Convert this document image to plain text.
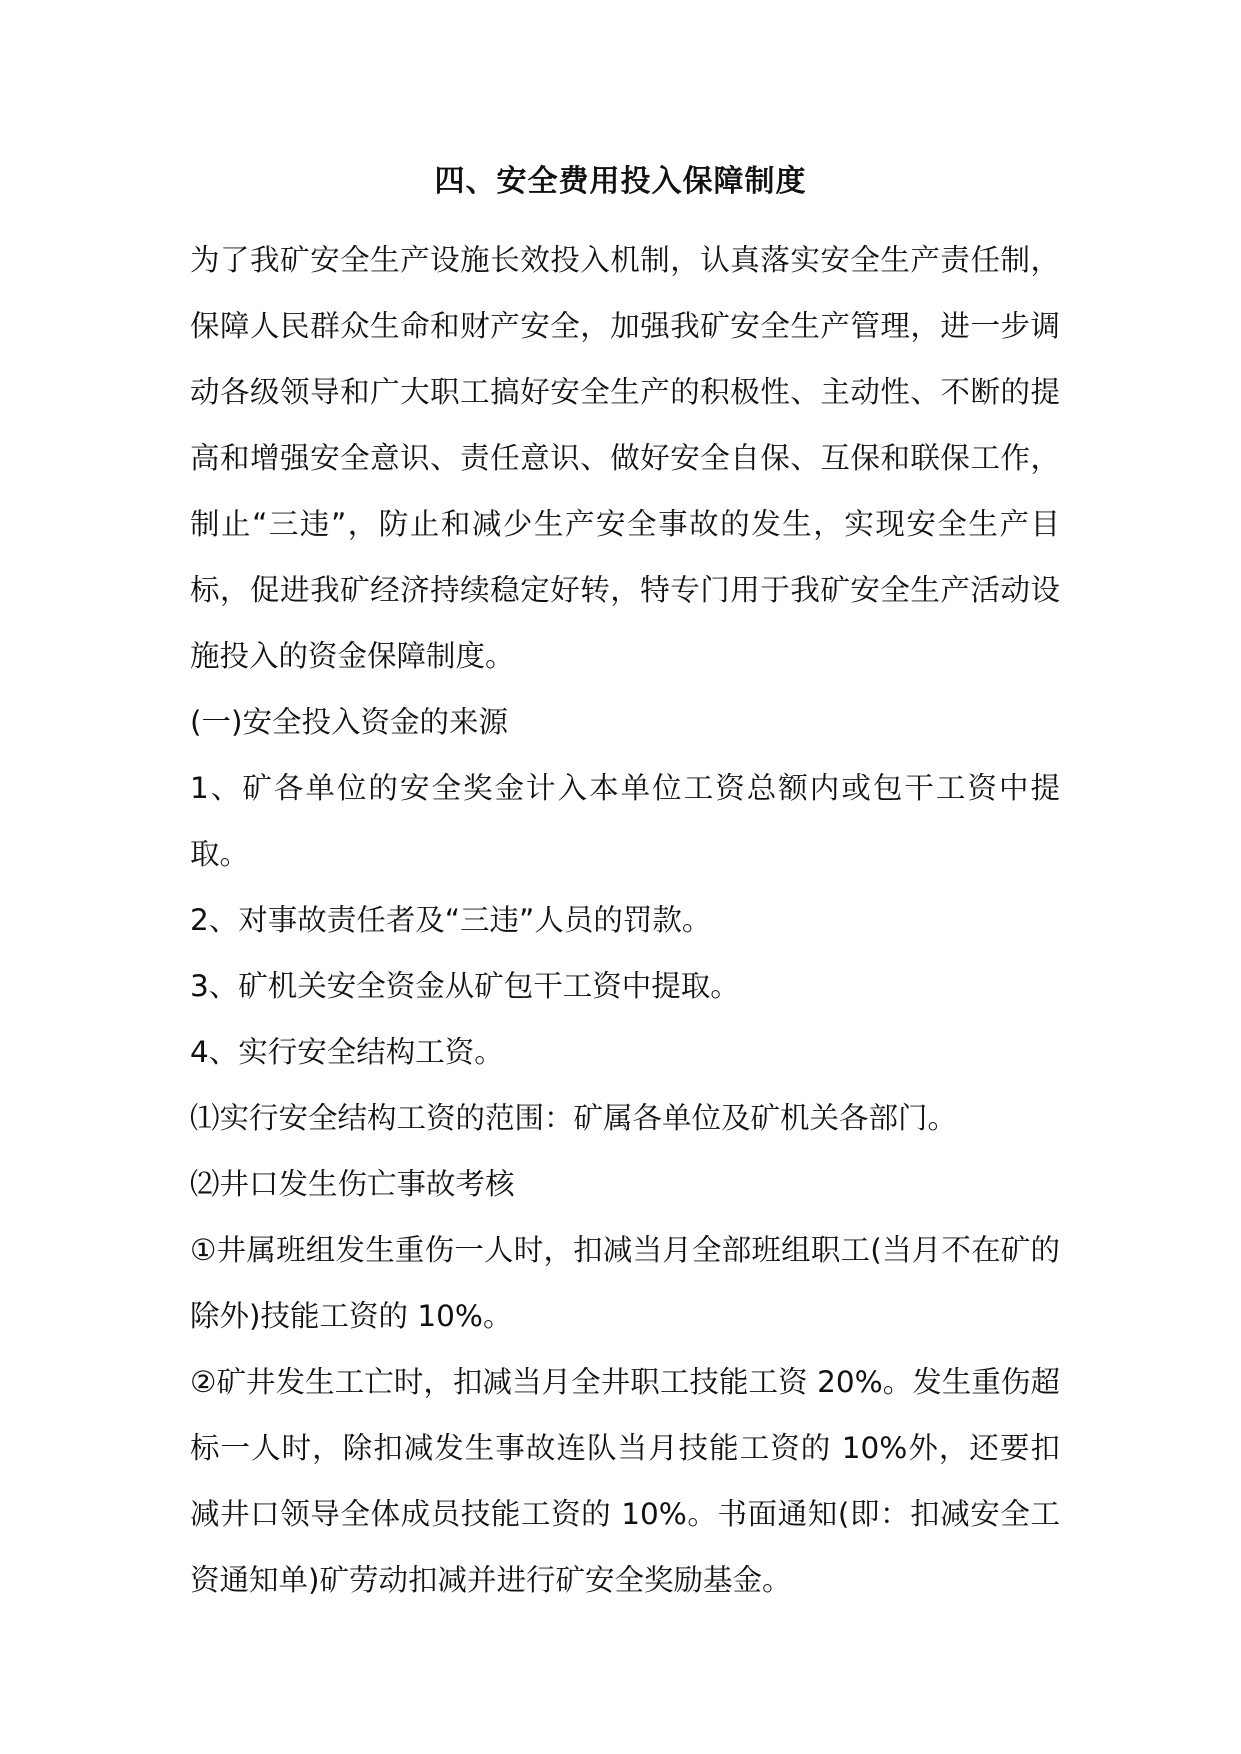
四、安全费用投入保障制度

为了我矿安全生产设施长效投入机制，认真落实安全生产责任制，保障人民群众生命和财产安全，加强我矿安全生产管理，进一步调动各级领导和广大职工搞好安全生产的积极性、主动性、不断的提高和增强安全意识、责任意识、做好安全自保、互保和联保工作，制止“三违”，防止和减少生产安全事故的发生，实现安全生产目标，促进我矿经济持续稳定好转，特专门用于我矿安全生产活动设施投入的资金保障制度。

(一)安全投入资金的来源

1、矿各单位的安全奖金计入本单位工资总额内或包干工资中提取。

2、对事故责任者及“三违”人员的罚款。

3、矿机关安全资金从矿包干工资中提取。

4、实行安全结构工资。

⑴实行安全结构工资的范围：矿属各单位及矿机关各部门。

⑵井口发生伤亡事故考核

①井属班组发生重伤一人时，扣减当月全部班组职工(当月不在矿的除外)技能工资的 10%。

②矿井发生工亡时，扣减当月全井职工技能工资 20%。发生重伤超标一人时，除扣减发生事故连队当月技能工资的 10%外，还要扣减井口领导全体成员技能工资的 10%。书面通知(即：扣减安全工资通知单)矿劳动扣减并进行矿安全奖励基金。
